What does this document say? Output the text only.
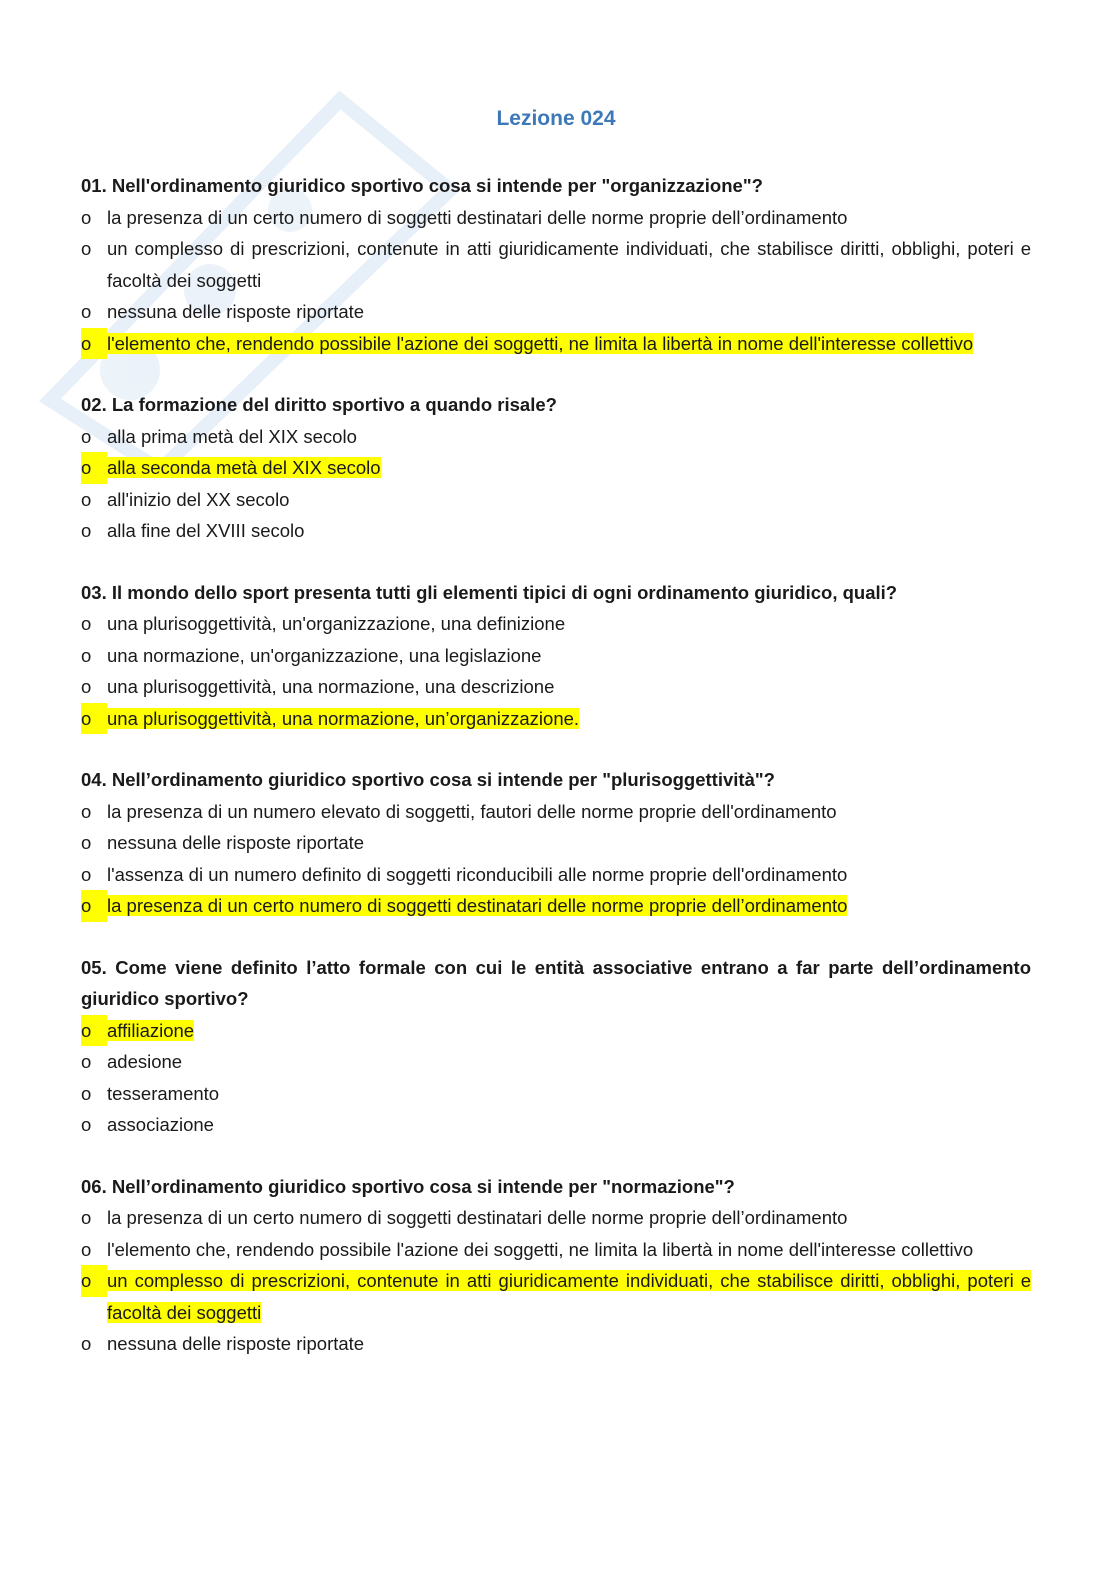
Lezione 024

01. Nell'ordinamento giuridico sportivo cosa si intende per "organizzazione"?

o la presenza di un certo numero di soggetti destinatari delle norme proprie dell’ordinamento
o un complesso di prescrizioni, contenute in atti giuridicamente individuati, che stabilisce diritti, obblighi, poteri e facoltà dei soggetti
o nessuna delle risposte riportate
o l'elemento che, rendendo possibile l'azione dei soggetti, ne limita la libertà in nome dell'interesse collettivo

02. La formazione del diritto sportivo a quando risale?

o alla prima metà del XIX secolo
o alla seconda metà del XIX secolo
o all'inizio del XX secolo
o alla fine del XVIII secolo

03. Il mondo dello sport presenta tutti gli elementi tipici di ogni ordinamento giuridico, quali?

o una plurisoggettività, un'organizzazione, una definizione
o una normazione, un'organizzazione, una legislazione
o una plurisoggettività, una normazione, una descrizione
o una plurisoggettività, una normazione, un’organizzazione.

04. Nell’ordinamento giuridico sportivo cosa si intende per "plurisoggettività"?

o la presenza di un numero elevato di soggetti, fautori delle norme proprie dell'ordinamento
o nessuna delle risposte riportate
o l'assenza di un numero definito di soggetti riconducibili alle norme proprie dell'ordinamento
o la presenza di un certo numero di soggetti destinatari delle norme proprie dell’ordinamento

05. Come viene definito l’atto formale con cui le entità associative entrano a far parte dell’ordinamento giuridico sportivo?

o affiliazione
o adesione
o tesseramento
o associazione

06. Nell’ordinamento giuridico sportivo cosa si intende per "normazione"?

o la presenza di un certo numero di soggetti destinatari delle norme proprie dell’ordinamento
o l'elemento che, rendendo possibile l'azione dei soggetti, ne limita la libertà in nome dell'interesse collettivo
o un complesso di prescrizioni, contenute in atti giuridicamente individuati, che stabilisce diritti, obblighi, poteri e facoltà dei soggetti
o nessuna delle risposte riportate
